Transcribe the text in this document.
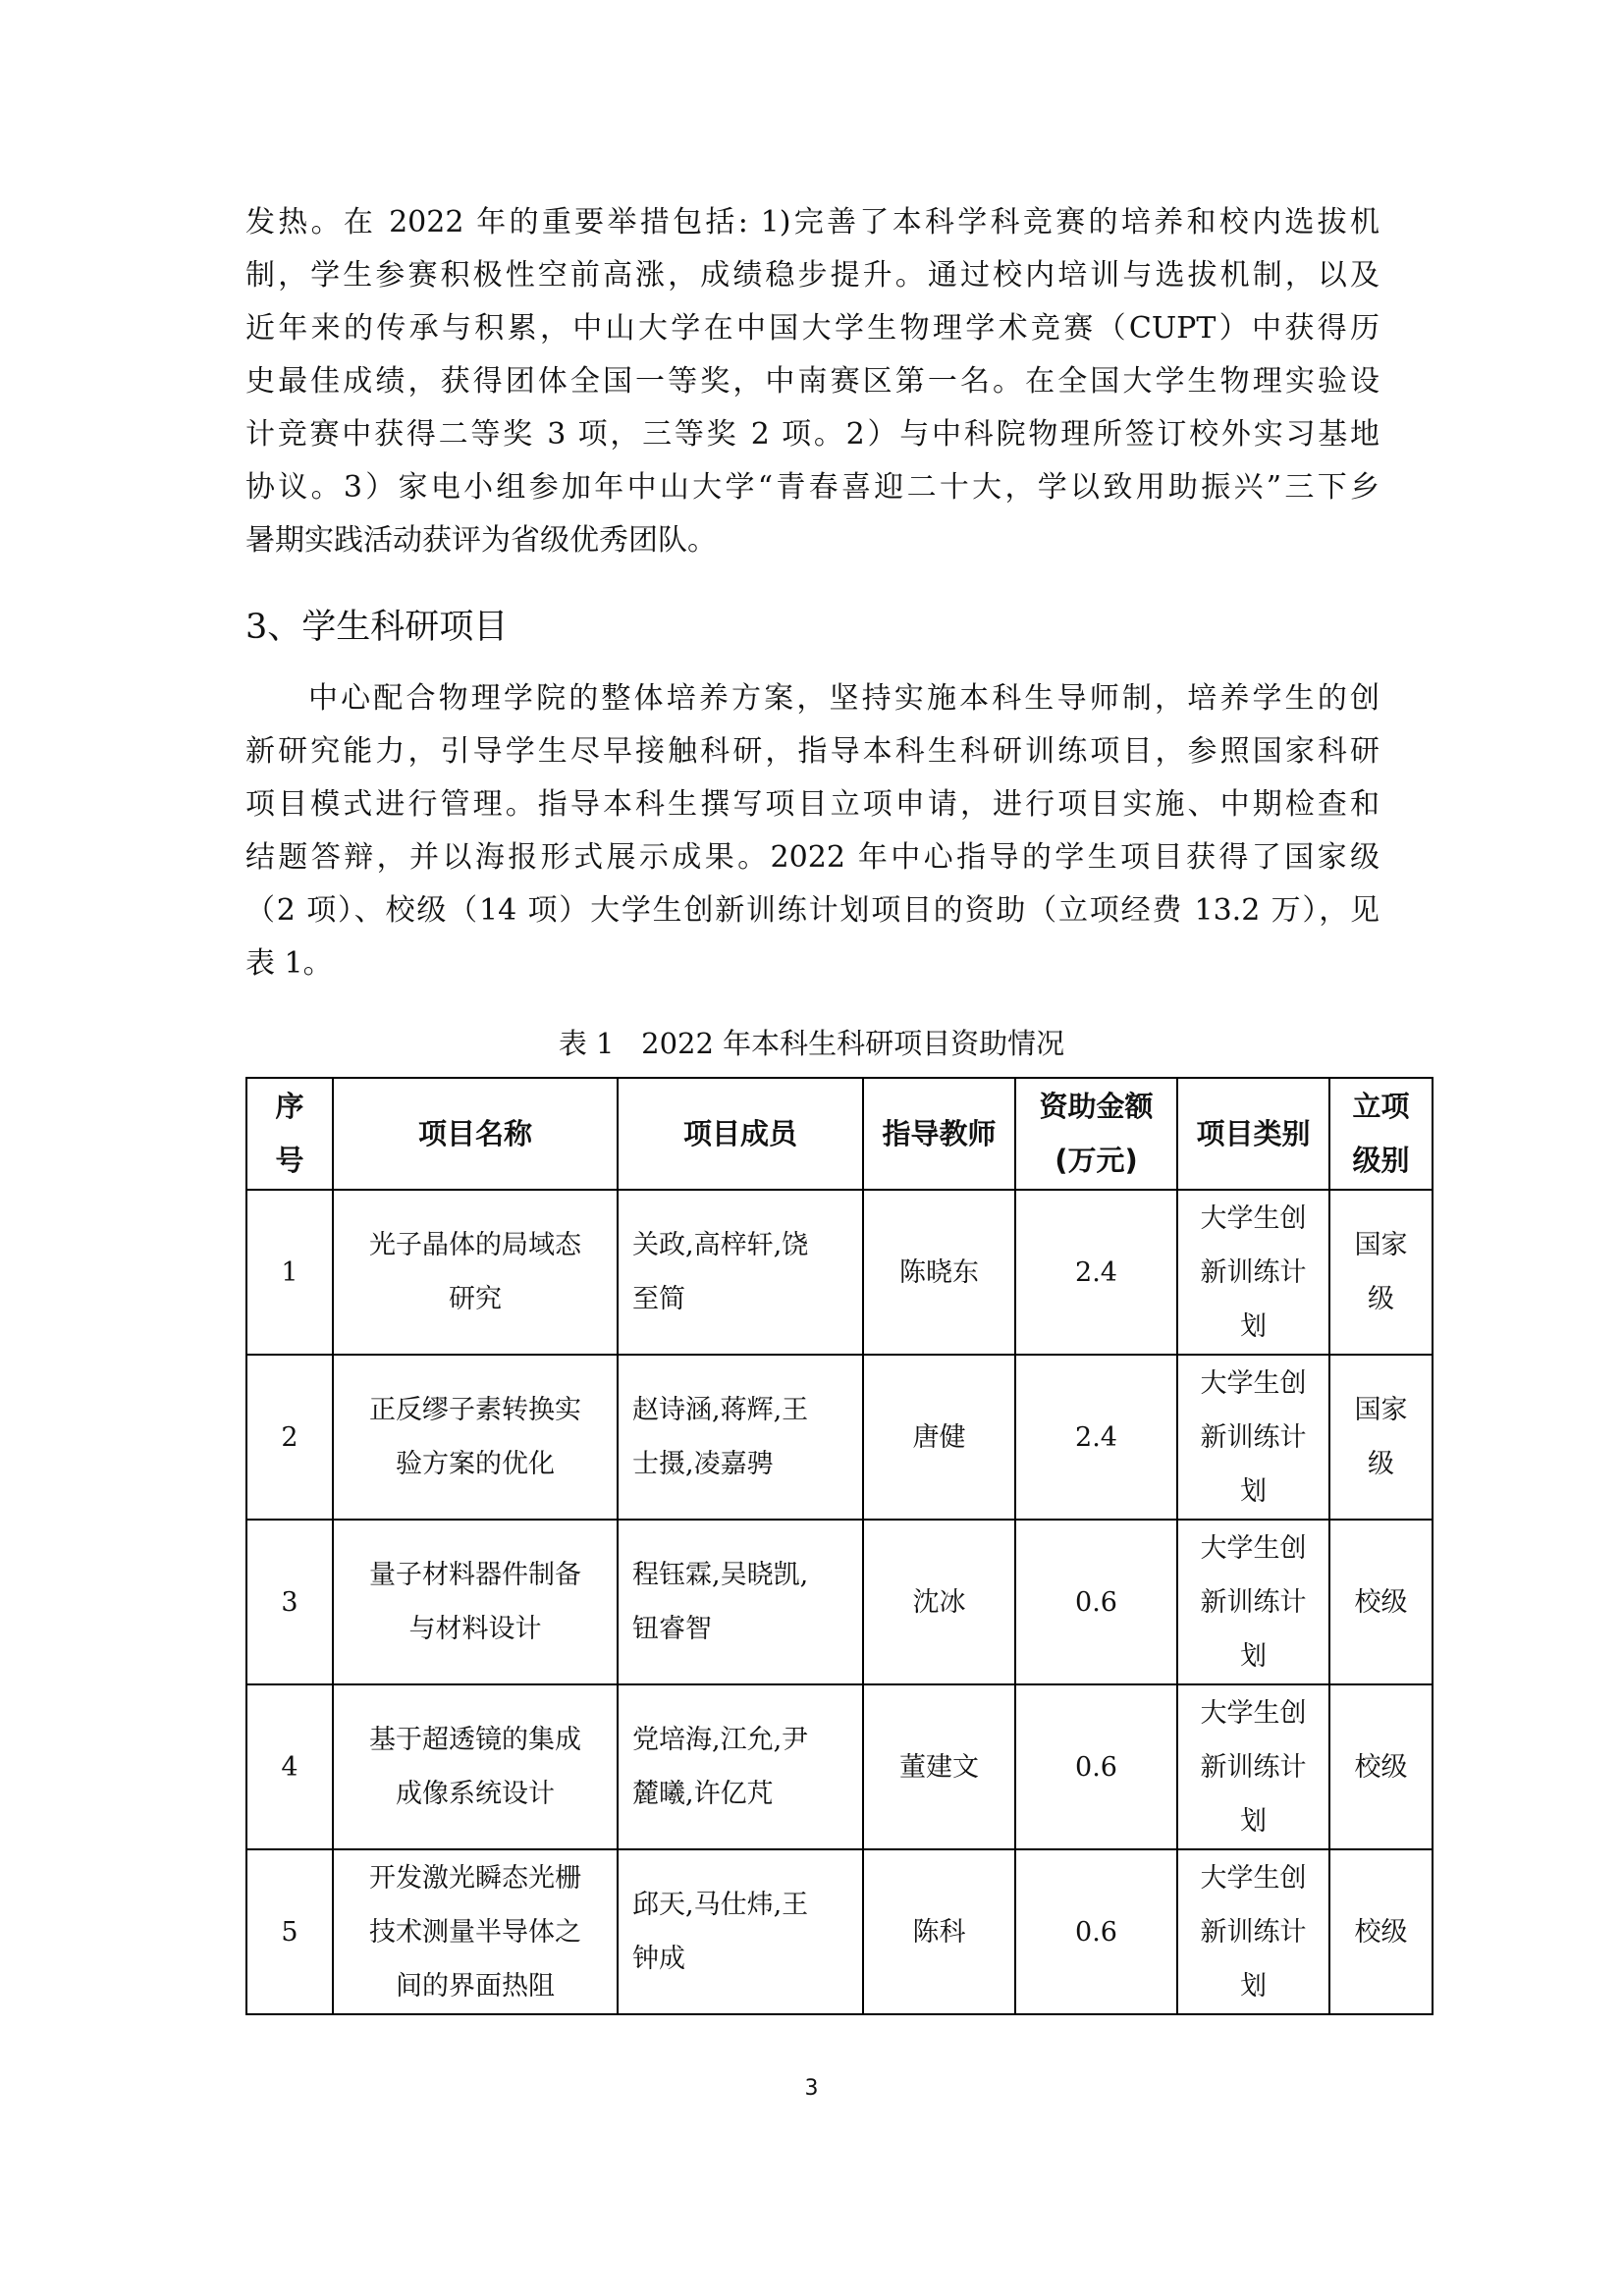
发热。在 2022 年的重要举措包括: 1)完善了本科学科竞赛的培养和校内选拔机
制，学生参赛积极性空前高涨，成绩稳步提升。通过校内培训与选拔机制，以及
近年来的传承与积累，中山大学在中国大学生物理学术竞赛（CUPT）中获得历
史最佳成绩，获得团体全国一等奖，中南赛区第一名。在全国大学生物理实验设
计竞赛中获得二等奖 3 项，三等奖 2 项。2）与中科院物理所签订校外实习基地
协议。3）家电小组参加年中山大学“青春喜迎二十大，学以致用助振兴”三下乡
暑期实践活动获评为省级优秀团队。

3、学生科研项目

中心配合物理学院的整体培养方案，坚持实施本科生导师制，培养学生的创
新研究能力，引导学生尽早接触科研，指导本科生科研训练项目，参照国家科研
项目模式进行管理。指导本科生撰写项目立项申请，进行项目实施、中期检查和
结题答辩，并以海报形式展示成果。2022 年中心指导的学生项目获得了国家级
（2 项）、校级（14 项）大学生创新训练计划项目的资助（立项经费 13.2 万），见
表 1。

表 1 2022 年本科生科研项目资助情况

序
号	项目名称	项目成员	指导教师	资助金额
(万元)	项目类别	立项
级别

1	光子晶体的局域态
研究	关政,高梓轩,饶
至简	陈晓东	2.4	大学生创
新训练计
划	国家
级

2	正反缪子素转换实
验方案的优化	赵诗涵,蒋辉,王
士摄,凌嘉骋	唐健	2.4	大学生创
新训练计
划	国家
级

3	量子材料器件制备
与材料设计	程钰霖,吴晓凯,
钮睿智	沈冰	0.6	大学生创
新训练计
划	校级

4	基于超透镜的集成
成像系统设计	党培海,江允,尹
麓曦,许亿芃	董建文	0.6	大学生创
新训练计
划	校级

5	开发激光瞬态光栅
技术测量半导体之
间的界面热阻	邱天,马仕炜,王
钟成	陈科	0.6	大学生创
新训练计
划	校级

3
